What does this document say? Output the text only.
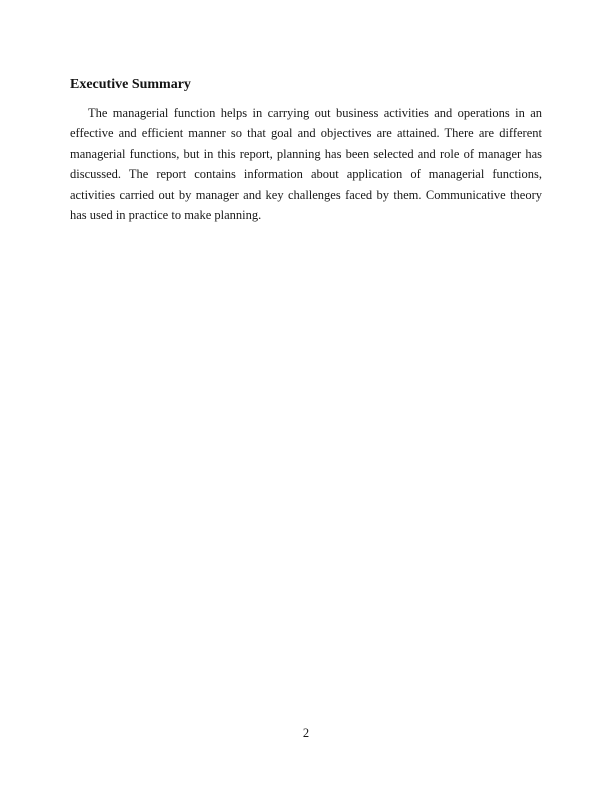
Executive Summary

The managerial function helps in carrying out business activities and operations in an effective and efficient manner so that goal and objectives are attained. There are different managerial functions, but in this report, planning has been selected and role of manager has discussed. The report contains information about application of managerial functions, activities carried out by manager and key challenges faced by them. Communicative theory has used in practice to make planning.

2
